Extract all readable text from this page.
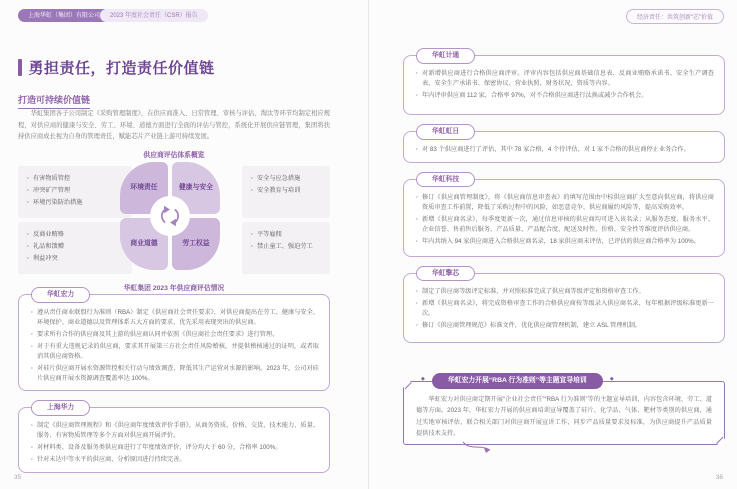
上海华虹（集团）有限公司	2023 年度社会责任（CSR）报告	经济责任：共筑创新“芯”价值
勇担责任，打造责任价值链
打造可持续价值链

华虹集团各子公司制定《采购管理制度》，在供应商准入、日常管理、审核与评估、淘汰等环节均制定相应规程，对供应商的健康与安全、劳工、环境、道德方面进行全面的评估与管控，系统化开展供应链管理，集团将扶持供应商成长视为自身的管理责任，赋能芯片产业链上游可持续发展。

供应商评估体系概览
· 有害物质管控
· 冲突矿产管理
· 环境污染防治措施
· 安全与应急措施
· 安全教育与培训
· 反商业贿赂
· 礼品和馈赠
· 利益冲突
· 平等雇佣
· 禁止童工、强迫劳工
环境责任	健康与安全
商业道德	劳工权益
华虹集团 2023 年供应商评估情况
华虹宏力
· 遵从责任商业联盟行为准则（RBA）制定《供应商社会责任要求》，对供应商提出在劳工、健康与安全、环境保护、商业道德以及管理体系五大方面的要求，优先采用表现突出的供应商。
· 要求所有合作的供应商及其上游的供应商认同并依照《供应商社会责任要求》进行管理。
· 对于有重大违规记录的供应商，要求其开展第三方社会责任风险稽核，并提供稽核通过的证明，或者取消其供应商资格。
· 对硅片供应商开展水资源管控相关行动与绩效调查，降低其生产运营对水源的影响。2023 年，公司对硅片供应商开展水资源调查覆盖率达 100%。
上海华力
· 制定《供应商管理规程》和《供应商年度绩效评价手册》，从商务资质、价格、交货、技术能力、质量、服务、有害物质管理等多个方面对供应商开展评价。
· 对材料类、设备及服务类供应商进行了年度绩效评价，评分均大于 60 分，合格率 100%。
· 针对未达中等水平的供应商，分析原因进行持续完善。
华虹计通
· 对新增供应商进行合格供应商评审。评审内容包括供应商基础信息表、反商业贿赂承诺书、安全生产调查表、安全生产承诺书、保密协议、营业执照、财务状况、资质等内容。
· 年内评审供应商 112 家，合格率 97%，对不合格供应商进行汰换或减少合作机会。
华虹虹日
· 对 83 个供应商进行了评估，其中 78 家合格，4 个待评估，对 1 家不合格的供应商停止业务合作。
华虹科技
· 修订《供应商管理制度》，将《供应商信息审查表》的填写范围由中标供应商扩大至意向供应商，将供应商资质审查工作前置，降低了采购过程中的风险，如恶意竞争、供应商履约风险等，提高采购效率。
· 新增《供应商名录》，每季度更新一次，通过信息审核的供应商均可进入该名录；从服务态度、服务水平、企业信誉、售前售后服务、产品质量、产品配合度、配送及时性、价格、安全性等维度评估供应商。
· 年内共纳入 94 家供应商进入合格供应商名录，18 家供应商未评估，已评估的供应商合格率为 100%。
华虹擎芯
· 制定了供应商等级评定标准，并对照标准完成了供应商等级评定和资格审查工作。
· 新增《供应商名录》，将完成资格审查工作的合格供应商按等级录入供应商名录，每年根据评级标准更新一次。
· 修订《供应商管理规范》标准文件，优化供应商管理机制，建立 ASL 管理机制。
◆ 华虹宏力开展“RBA 行为准则”等主题宣导培训 ◆

华虹宏力对供应商定期开展“企业社会责任”“RBA 行为准则”等的主题宣导培训，内容包含环境、劳工、道德等方面。2023 年，华虹宏力开展的供应商培训宣导覆盖了硅片、化学品、气体、靶材等类别的供应商，通过实地审核评估、联合相关部门对供应商开展宣讲工作，同步产品质量要求及标准，为供应商提升产品质量提供技术支持。

35	36
